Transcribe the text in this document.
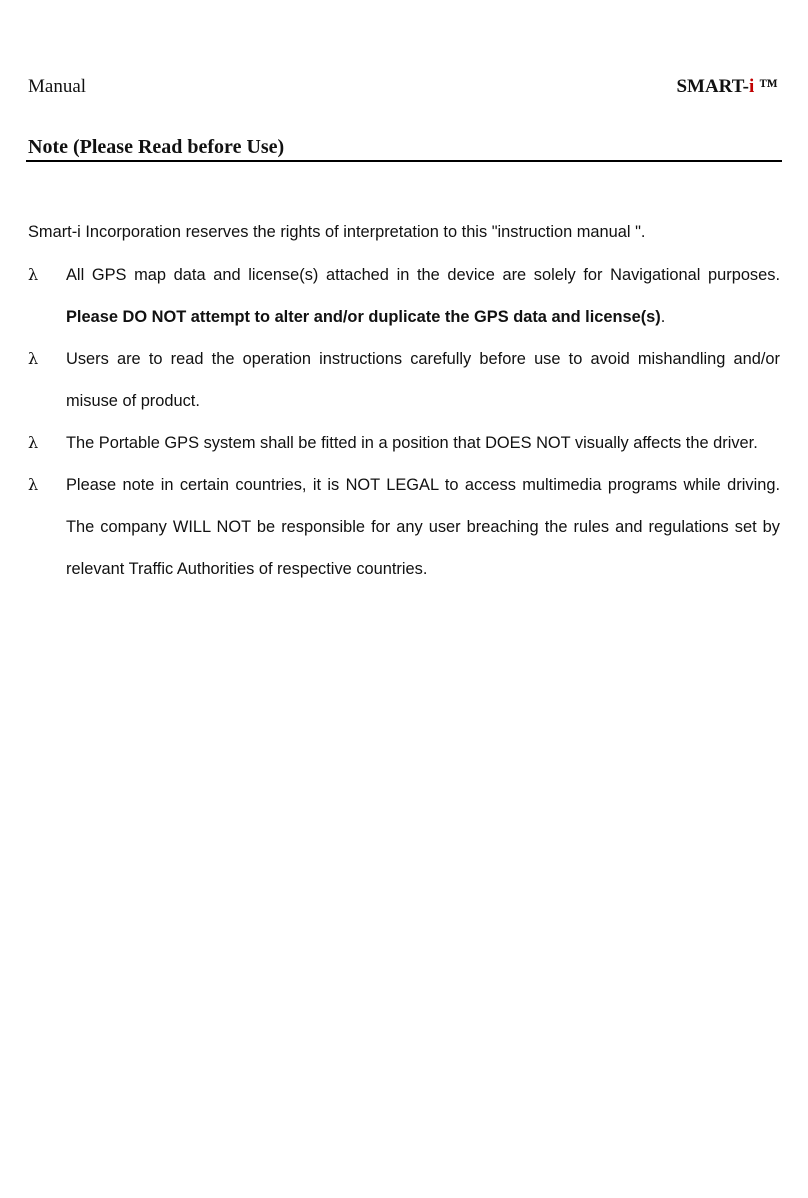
Manual	SMART-i ™
Note (Please Read before Use)
Smart-i Incorporation reserves the rights of interpretation to this "instruction manual ".
λ All GPS map data and license(s) attached in the device are solely for Navigational purposes. Please DO NOT attempt to alter and/or duplicate the GPS data and license(s).
λ Users are to read the operation instructions carefully before use to avoid mishandling and/or misuse of product.
λ The Portable GPS system shall be fitted in a position that DOES NOT visually affects the driver.
λ Please note in certain countries, it is NOT LEGAL to access multimedia programs while driving. The company WILL NOT be responsible for any user breaching the rules and regulations set by relevant Traffic Authorities of respective countries.
